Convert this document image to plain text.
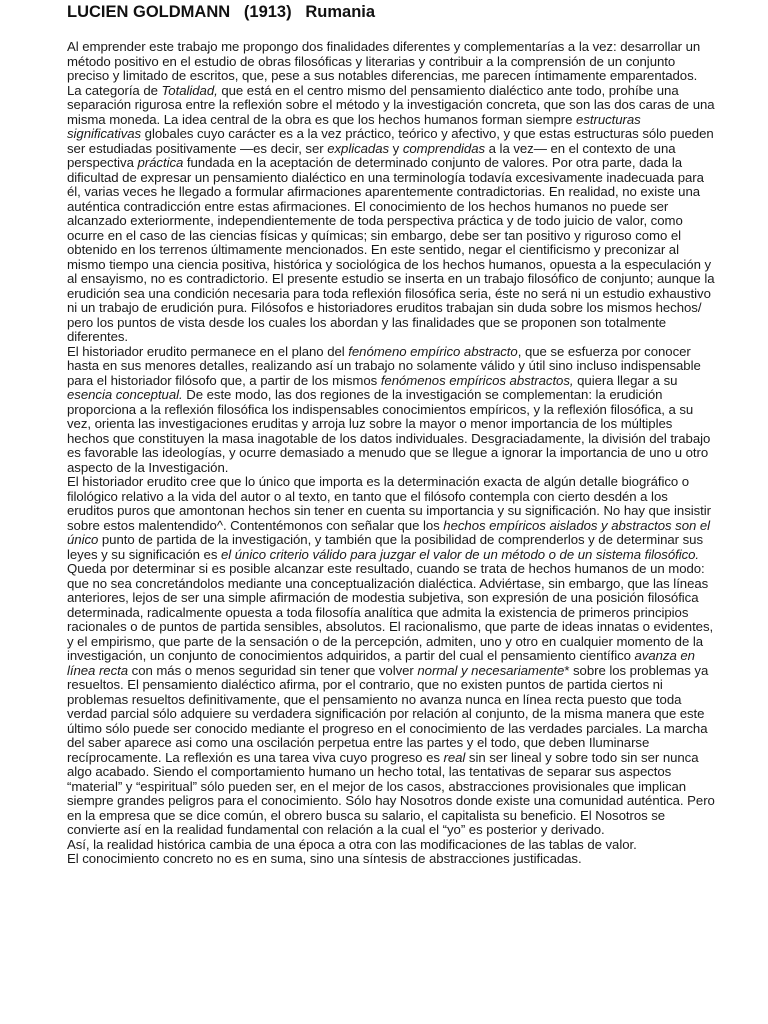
LUCIEN GOLDMANN   (1913)   Rumania

Al emprender este trabajo me propongo dos finalidades diferentes y complementarías a la vez: desarrollar un método positivo en el estudio de obras filosóficas y literarias y contribuir a la comprensión de un conjunto preciso y limitado de escritos, que, pese a sus notables diferencias, me parecen íntimamente emparentados. La categoría de Totalidad, que está en el centro mismo del pensamiento dialéctico ante todo, prohíbe una separación rigurosa entre la reflexión sobre el método y la investigación concreta, que son las dos caras de una misma moneda. La idea central de la obra es que los hechos humanos forman siempre estructuras significativas globales cuyo carácter es a la vez práctico, teórico y afectivo, y que estas estructuras sólo pueden ser estudiadas positivamente —es decir, ser explicadas y comprendidas a la vez— en el contexto de una perspectiva práctica fundada en la aceptación de determinado conjunto de valores. Por otra parte, dada la dificultad de expresar un pensamiento dialéctico en una terminología todavía excesivamente inadecuada para él, varias veces he llegado a formular afirmaciones aparentemente contradictorias. En realidad, no existe una auténtica contradicción entre estas afirmaciones. El conocimiento de los hechos humanos no puede ser alcanzado exteriormente, independientemente de toda perspectiva práctica y de todo juicio de valor, como ocurre en el caso de las ciencias físicas y químicas; sin embargo, debe ser tan positivo y riguroso como el obtenido en los terrenos últimamente mencionados. En este sentido, negar el cientificismo y preconizar al mismo tiempo una ciencia positiva, histórica y sociológica de los hechos humanos, opuesta a la especulación y al ensayismo, no es contradictorio. El presente estudio se inserta en un trabajo filosófico de conjunto; aunque la erudición sea una condición necesaria para toda reflexión filosófica seria, éste no será ni un estudio exhaustivo ni un trabajo de erudición pura. Filósofos e historiadores eruditos trabajan sin duda sobre los mismos hechos/ pero los puntos de vista desde los cuales los abordan y las finalidades que se proponen son totalmente diferentes.

El historiador erudito permanece en el plano del fenómeno empírico abstracto, que se esfuerza por conocer hasta en sus menores detalles, realizando así un trabajo no solamente válido y útil sino incluso indispensable para el historiador filósofo que, a partir de los mismos fenómenos empíricos abstractos, quiera llegar a su esencia conceptual. De este modo, las dos regiones de la investigación se complementan: la erudición proporciona a la reflexión filosófica los indispensables conocimientos empíricos, y la reflexión filosófica, a su vez, orienta las investigaciones eruditas y arroja luz sobre la mayor o menor importancia de los múltiples hechos que constituyen la masa inagotable de los datos individuales. Desgraciadamente, la división del trabajo es favorable las ideologías, y ocurre demasiado a menudo que se llegue a ignorar la importancia de uno u otro aspecto de la Investigación.

El historiador erudito cree que lo único que importa es la determinación exacta de algún detalle biográfico o filológico relativo a la vida del autor o al texto, en tanto que el filósofo contempla con cierto desdén a los eruditos puros que amontonan hechos sin tener en cuenta su importancia y su significación. No hay que insistir sobre estos malentendido^. Contentémonos con señalar que los hechos empíricos aislados y abstractos son el único punto de partida de la investigación, y también que la posibilidad de comprenderlos y de determinar sus leyes y su significación es el único criterio válido para juzgar el valor de un método o de un sistema filosófico. Queda por determinar si es posible alcanzar este resultado, cuando se trata de hechos humanos de un modo: que no sea concretándolos mediante una conceptualización dialéctica. Adviértase, sin embargo, que las líneas anteriores, lejos de ser una simple afirmación de modestia subjetiva, son expresión de una posición filosófica determinada, radicalmente opuesta a toda filosofía analítica que admita la existencia de primeros principios racionales o de puntos de partida sensibles, absolutos. El racionalismo, que parte de ideas innatas o evidentes, y el empirismo, que parte de la sensación o de la percepción, admiten, uno y otro en cualquier momento de la investigación, un conjunto de conocimientos adquiridos, a partir del cual el pensamiento científico avanza en línea recta con más o menos seguridad sin tener que volver normal y necesariamente* sobre los problemas ya resueltos. El pensamiento dialéctico afirma, por el contrario, que no existen puntos de partida ciertos ni problemas resueltos definitivamente, que el pensamiento no avanza nunca en línea recta puesto que toda verdad parcial sólo adquiere su verdadera significación por relación al conjunto, de la misma manera que este último sólo puede ser conocido mediante el progreso en el conocimiento de las verdades parciales. La marcha del saber aparece asi como una oscilación perpetua entre las partes y el todo, que deben Iluminarse recíprocamente. La reflexión es una tarea viva cuyo progreso es real sin ser lineal y sobre todo sin ser nunca algo acabado. Siendo el comportamiento humano un hecho total, las tentativas de separar sus aspectos “material” y “espiritual” sólo pueden ser, en el mejor de los casos, abstracciones provisionales que implican siempre grandes peligros para el conocimiento. Sólo hay Nosotros donde existe una comunidad auténtica. Pero en la empresa que se dice común, el obrero busca su salario, el capitalista su beneficio. El Nosotros se convierte así en la realidad fundamental con relación a la cual el “yo” es posterior y derivado.

Así, la realidad histórica cambia de una época a otra con las modificaciones de las tablas de valor.

El conocimiento concreto no es en suma, sino una síntesis de abstracciones justificadas.
